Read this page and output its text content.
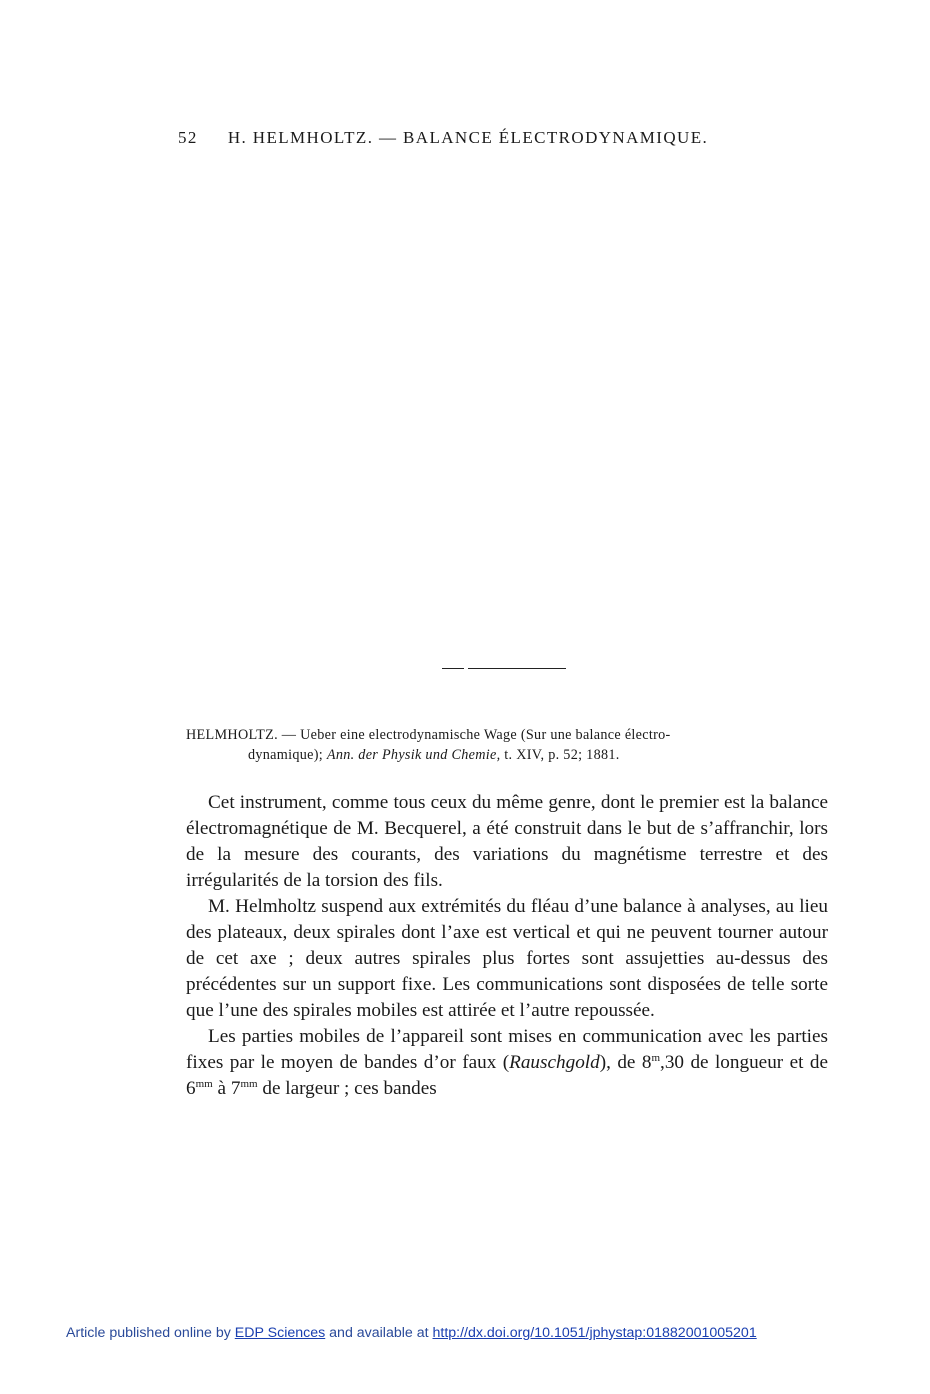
52 H. HELMHOLTZ. — BALANCE ÉLECTRODYNAMIQUE.
HELMHOLTZ. — Ueber eine electrodynamische Wage (Sur une balance électro-
dynamique); Ann. der Physik und Chemie, t. XIV, p. 52; 1881.

Cet instrument, comme tous ceux du même genre, dont le premier est la balance électromagnétique de M. Becquerel, a été construit dans le but de s’affranchir, lors de la mesure des courants, des variations du magnétisme terrestre et des irrégularités de la torsion des fils.

M. Helmholtz suspend aux extrémités du fléau d’une balance à analyses, au lieu des plateaux, deux spirales dont l’axe est vertical et qui ne peuvent tourner autour de cet axe ; deux autres spirales plus fortes sont assujetties au-dessus des précédentes sur un support fixe. Les communications sont disposées de telle sorte que l’une des spirales mobiles est attirée et l’autre repoussée.

Les parties mobiles de l’appareil sont mises en communication avec les parties fixes par le moyen de bandes d’or faux (Rauschgold), de 8$^m$,30 de longueur et de $6^{mm}$ à $7^{mm}$ de largeur ; ces bandes

Article published online by EDP Sciences and available at http://dx.doi.org/10.1051/jphystap:01882001005201
